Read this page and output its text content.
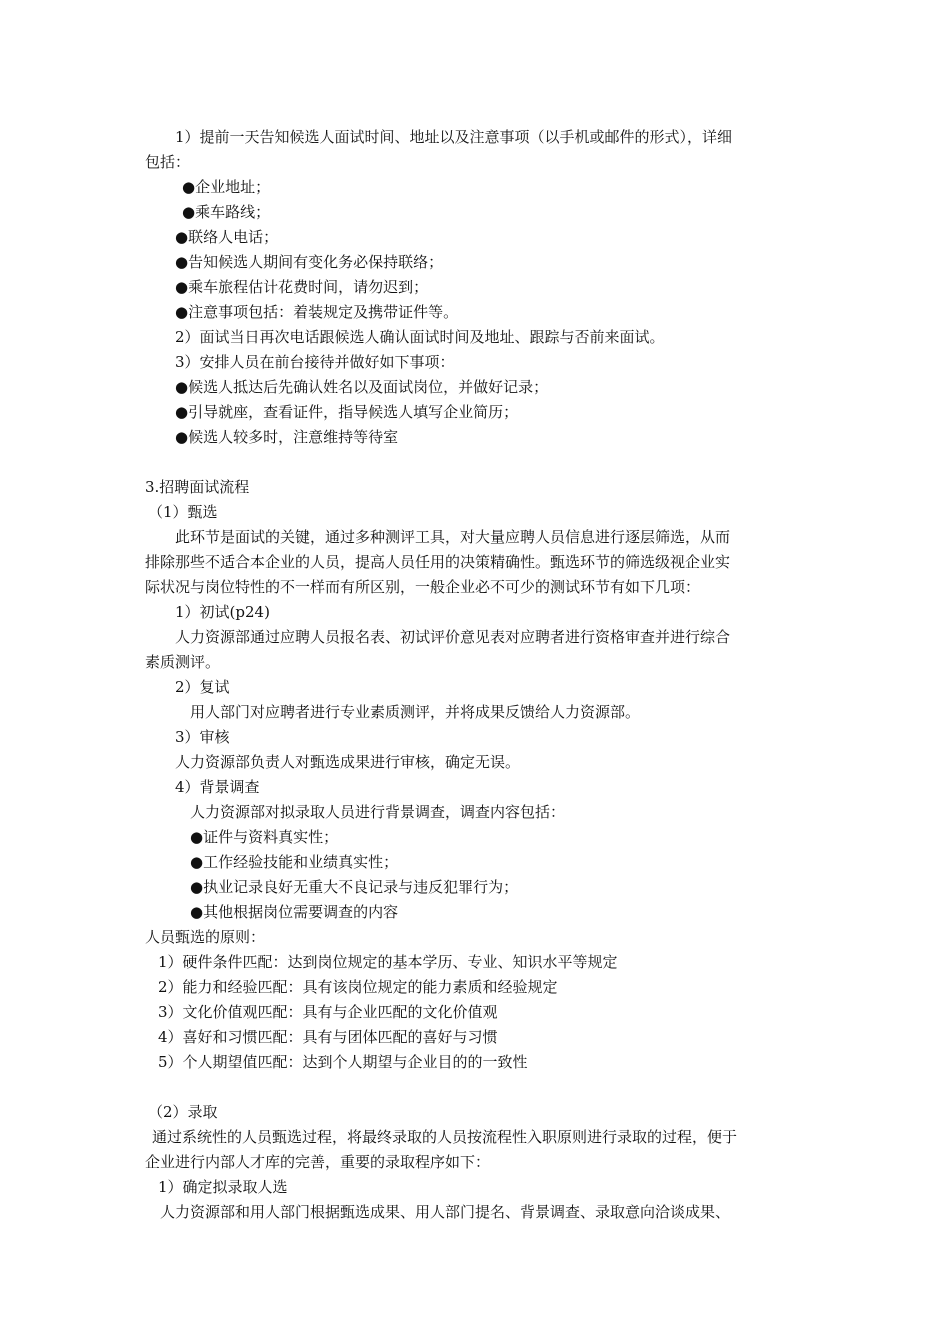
1）提前一天告知候选人面试时间、地址以及注意事项（以手机或邮件的形式），详细
包括：
●企业地址；
●乘车路线；
●联络人电话；
●告知候选人期间有变化务必保持联络；
●乘车旅程估计花费时间，请勿迟到；
●注意事项包括：着装规定及携带证件等。
2）面试当日再次电话跟候选人确认面试时间及地址、跟踪与否前来面试。
3）安排人员在前台接待并做好如下事项：
●候选人抵达后先确认姓名以及面试岗位，并做好记录；
●引导就座，查看证件，指导候选人填写企业简历；
●候选人较多时，注意维持等待室
3.招聘面试流程
（1）甄选
此环节是面试的关键，通过多种测评工具，对大量应聘人员信息进行逐层筛选，从而
排除那些不适合本企业的人员，提高人员任用的决策精确性。甄选环节的筛选级视企业实
际状况与岗位特性的不一样而有所区别，一般企业必不可少的测试环节有如下几项：
1）初试(p24)
人力资源部通过应聘人员报名表、初试评价意见表对应聘者进行资格审查并进行综合
素质测评。
2）复试
用人部门对应聘者进行专业素质测评，并将成果反馈给人力资源部。
3）审核
人力资源部负责人对甄选成果进行审核，确定无误。
4）背景调查
人力资源部对拟录取人员进行背景调查，调查内容包括：
●证件与资料真实性；
●工作经验技能和业绩真实性；
●执业记录良好无重大不良记录与违反犯罪行为；
●其他根据岗位需要调查的内容
人员甄选的原则：
1）硬件条件匹配：达到岗位规定的基本学历、专业、知识水平等规定
2）能力和经验匹配：具有该岗位规定的能力素质和经验规定
3）文化价值观匹配：具有与企业匹配的文化价值观
4）喜好和习惯匹配：具有与团体匹配的喜好与习惯
5）个人期望值匹配：达到个人期望与企业目的的一致性
（2）录取
通过系统性的人员甄选过程，将最终录取的人员按流程性入职原则进行录取的过程，便于
企业进行内部人才库的完善，重要的录取程序如下：
1）确定拟录取人选
人力资源部和用人部门根据甄选成果、用人部门提名、背景调查、录取意向洽谈成果、
